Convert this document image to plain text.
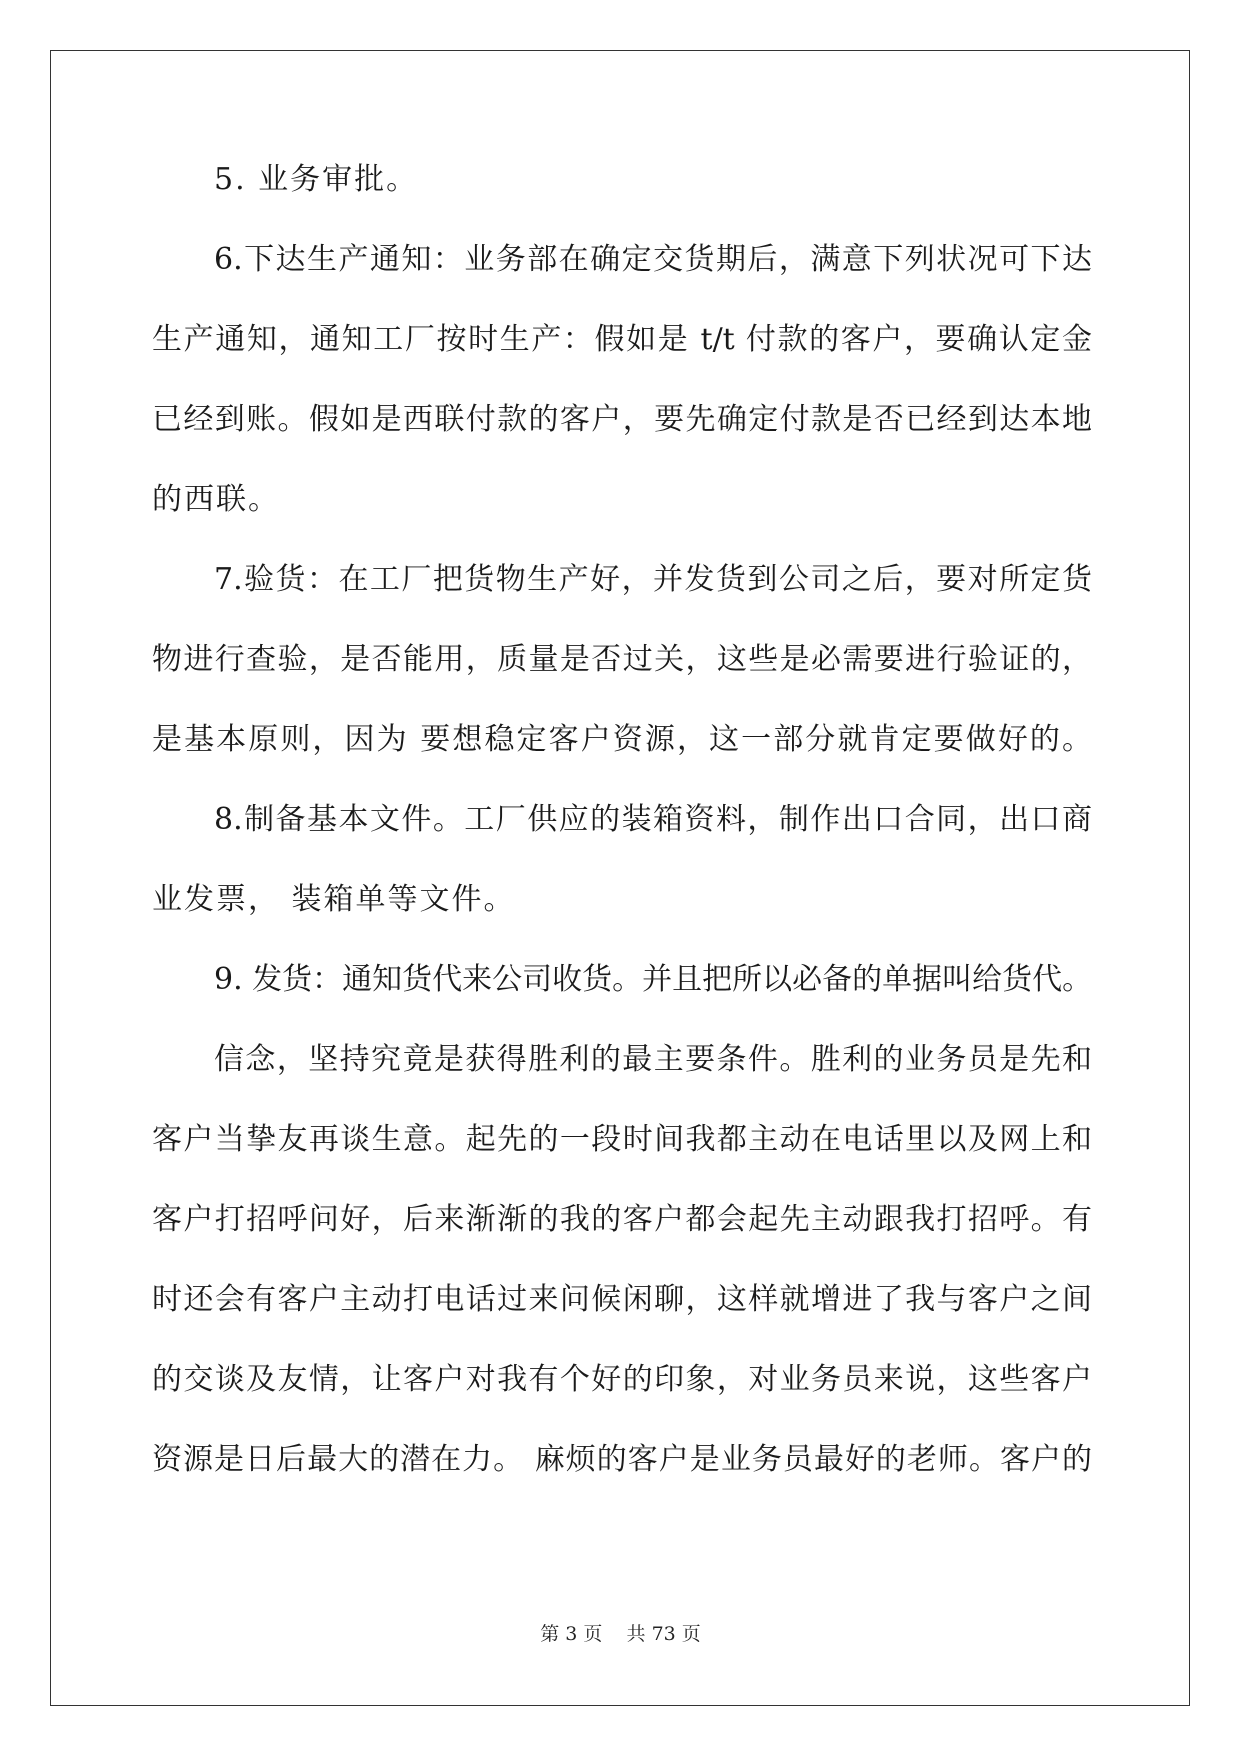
5. 业务审批。
6.下达生产通知：业务部在确定交货期后，满意下列状况可下达
生产通知，通知工厂按时生产：假如是 t/t 付款的客户，要确认定金
已经到账。假如是西联付款的客户，要先确定付款是否已经到达本地
的西联。
7.验货：在工厂把货物生产好，并发货到公司之后，要对所定货
物进行查验，是否能用，质量是否过关，这些是必需要进行验证的，
是基本原则，因为 要想稳定客户资源，这一部分就肯定要做好的。
8.制备基本文件。工厂供应的装箱资料，制作出口合同，出口商
业发票， 装箱单等文件。
9. 发货：通知货代来公司收货。并且把所以必备的单据叫给货代。
信念，坚持究竟是获得胜利的最主要条件。胜利的业务员是先和
客户当挚友再谈生意。起先的一段时间我都主动在电话里以及网上和
客户打招呼问好，后来渐渐的我的客户都会起先主动跟我打招呼。有
时还会有客户主动打电话过来问候闲聊，这样就增进了我与客户之间
的交谈及友情，让客户对我有个好的印象，对业务员来说，这些客户
资源是日后最大的潜在力。 麻烦的客户是业务员最好的老师。客户的
第 3 页    共 73 页
